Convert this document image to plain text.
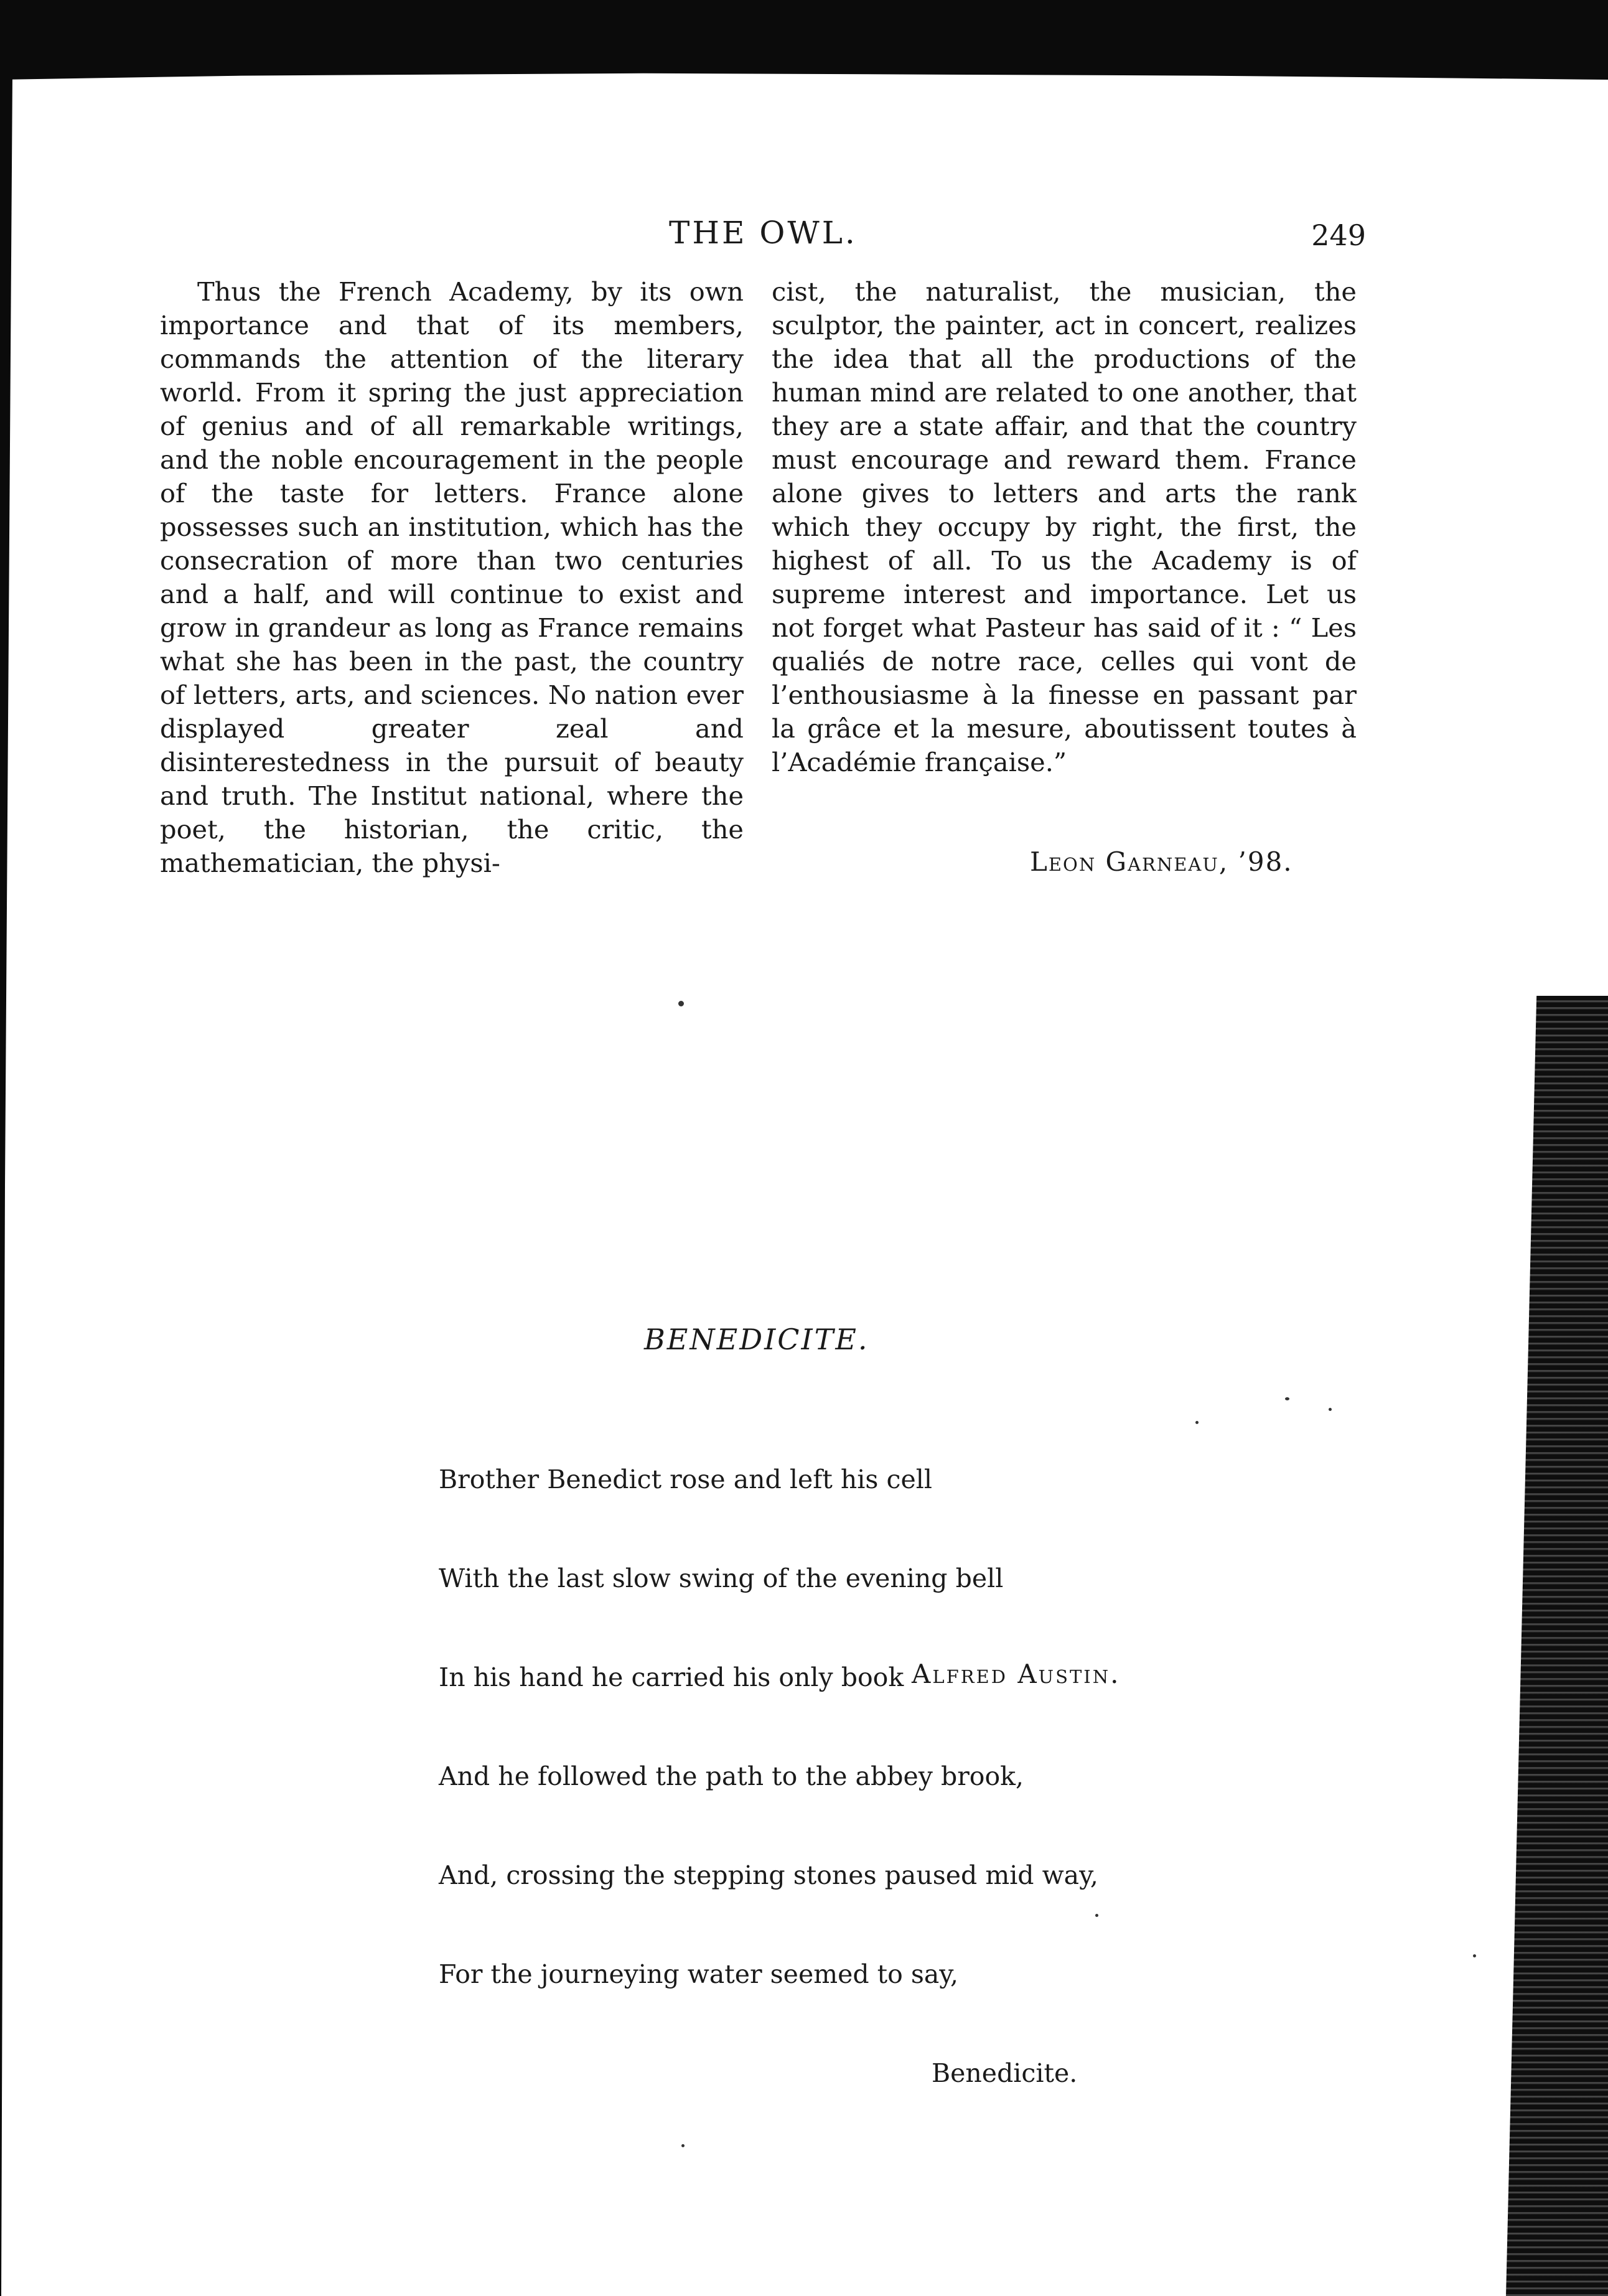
THE OWL.	249

Thus the French Academy, by its own importance and that of its members, commands the attention of the literary world. From it spring the just appreciation of genius and of all remarkable writings, and the noble encouragement in the people of the taste for letters. France alone possesses such an institution, which has the consecration of more than two centuries and a half, and will continue to exist and grow in grandeur as long as France remains what she has been in the past, the country of letters, arts, and sciences. No nation ever displayed greater zeal and disinterestedness in the pursuit of beauty and truth. The Institut national, where the poet, the historian, the critic, the mathematician, the physi-

cist, the naturalist, the musician, the sculptor, the painter, act in concert, realizes the idea that all the productions of the human mind are related to one another, that they are a state affair, and that the country must encourage and reward them. France alone gives to letters and arts the rank which they occupy by right, the first, the highest of all. To us the Academy is of supreme interest and importance. Let us not forget what Pasteur has said of it : “ Les qualiés de notre race, celles qui vont de l’enthousiasme à la finesse en passant par la grâce et la mesure, aboutissent toutes à l’Académie française.”

Leon Garneau, ’98.
BENEDICITE.

Brother Benedict rose and left his cell

With the last slow swing of the evening bell

In his hand he carried his only book

And he followed the path to the abbey brook,

And, crossing the stepping stones paused mid way,

For the journeying water seemed to say,

Benedicite.

Alfred Austin.
